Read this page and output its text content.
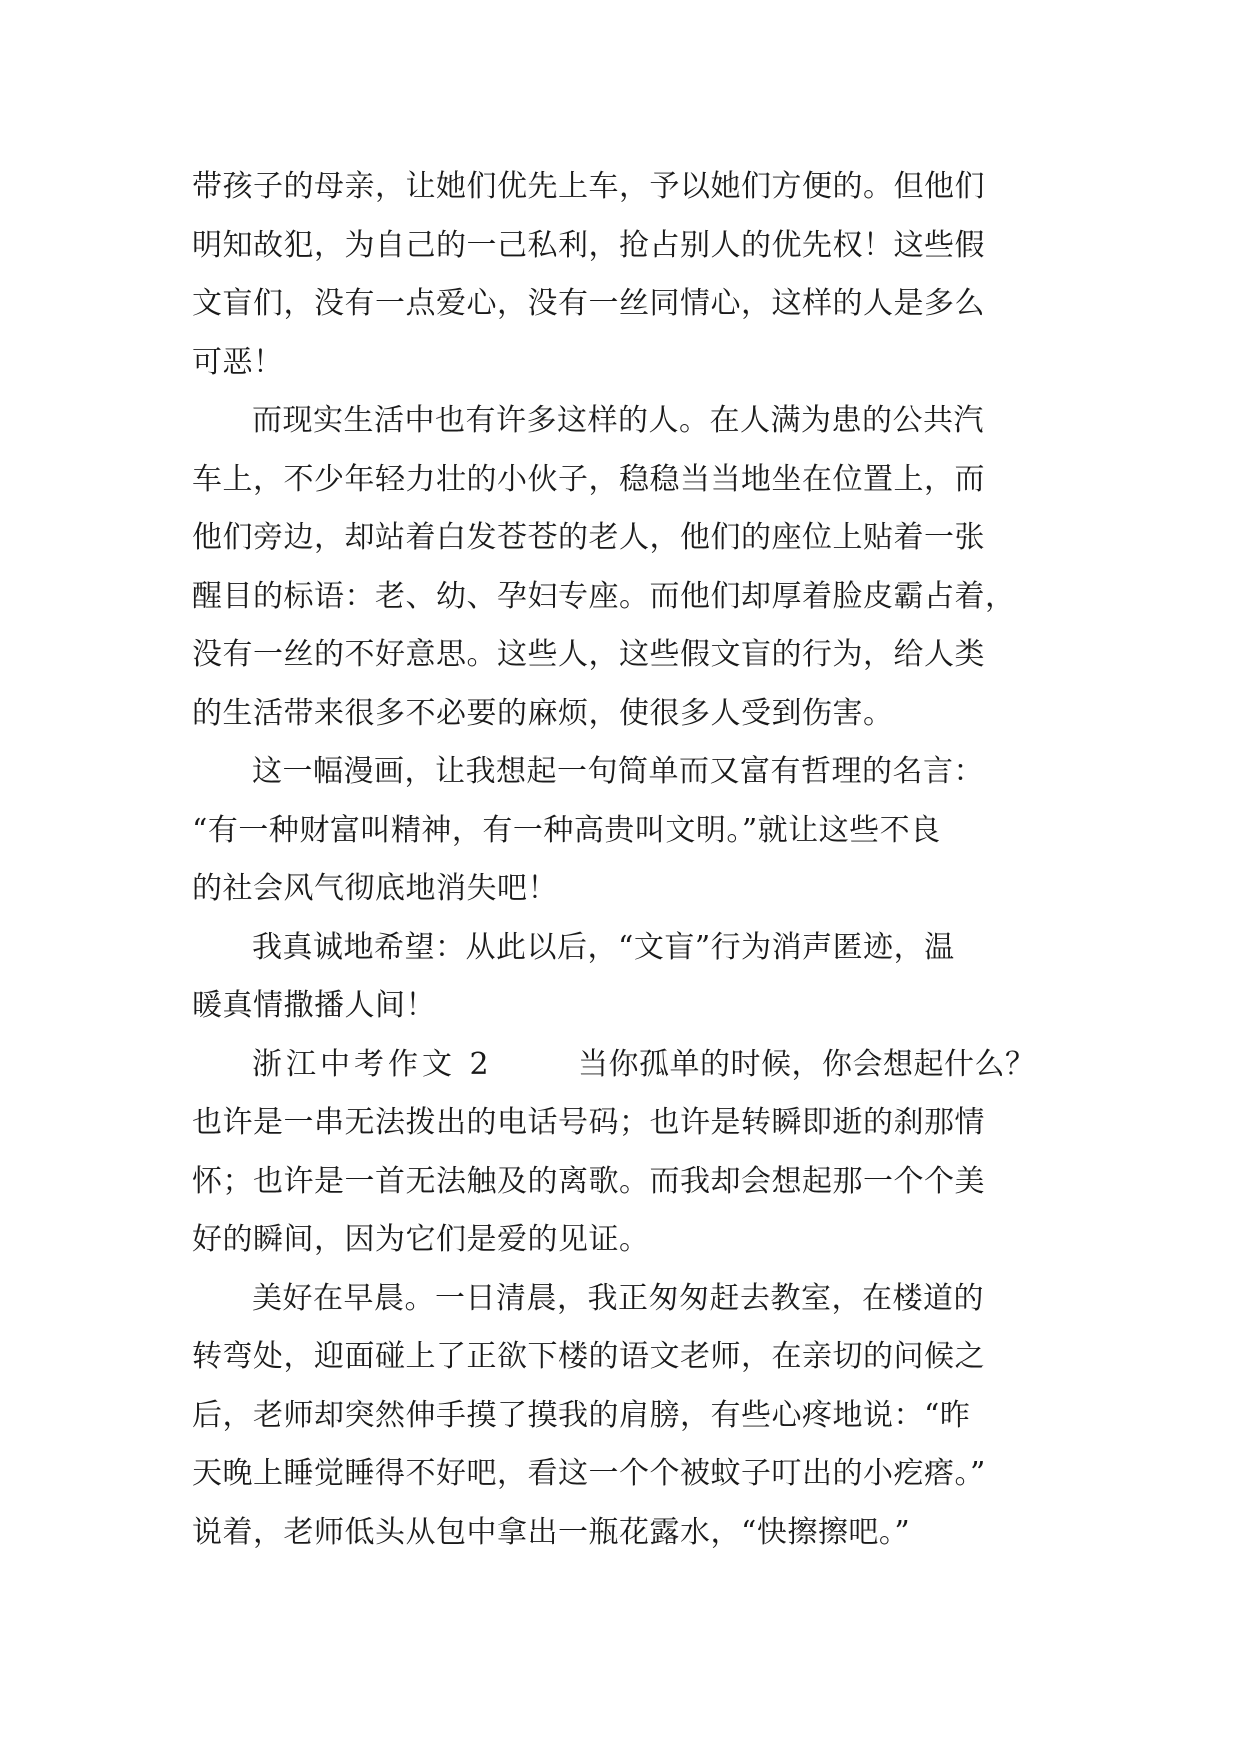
带孩子的母亲，让她们优先上车，予以她们方便的。但他们
明知故犯，为自己的一己私利，抢占别人的优先权！这些假
文盲们，没有一点爱心，没有一丝同情心，这样的人是多么
可恶！
而现实生活中也有许多这样的人。在人满为患的公共汽
车上，不少年轻力壮的小伙子，稳稳当当地坐在位置上，而
他们旁边，却站着白发苍苍的老人，他们的座位上贴着一张
醒目的标语：老、幼、孕妇专座。而他们却厚着脸皮霸占着，
没有一丝的不好意思。这些人，这些假文盲的行为，给人类
的生活带来很多不必要的麻烦，使很多人受到伤害。
这一幅漫画，让我想起一句简单而又富有哲理的名言：
“有一种财富叫精神，有一种高贵叫文明。”就让这些不良
的社会风气彻底地消失吧！
我真诚地希望：从此以后，“文盲”行为消声匿迹，温
暖真情撒播人间！
浙江中考作文 2	当你孤单的时候，你会想起什么？
也许是一串无法拨出的电话号码；也许是转瞬即逝的刹那情
怀；也许是一首无法触及的离歌。而我却会想起那一个个美
好的瞬间，因为它们是爱的见证。
美好在早晨。一日清晨，我正匆匆赶去教室，在楼道的
转弯处，迎面碰上了正欲下楼的语文老师，在亲切的问候之
后，老师却突然伸手摸了摸我的肩膀，有些心疼地说：“昨
天晚上睡觉睡得不好吧，看这一个个被蚊子叮出的小疙瘩。”
说着，老师低头从包中拿出一瓶花露水，“快擦擦吧。”
